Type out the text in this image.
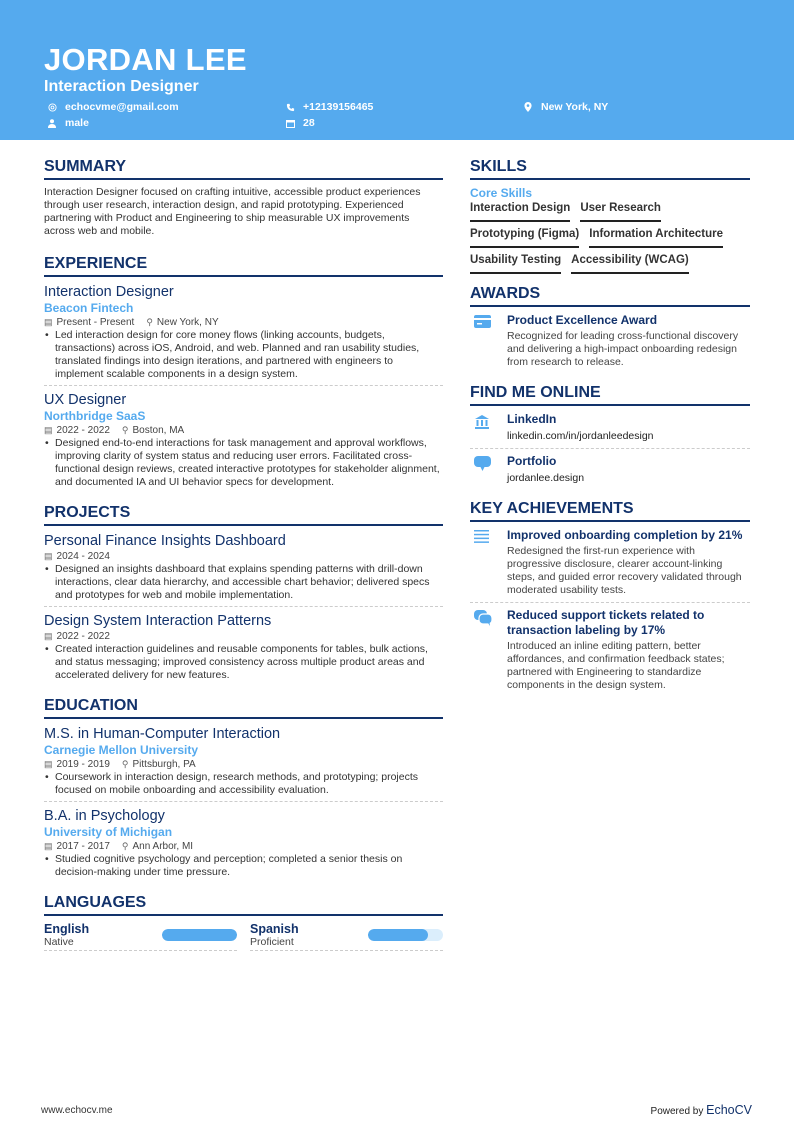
JORDAN LEE
Interaction Designer
echocvme@gmail.com	+12139156465	New York, NY
male	28
SUMMARY
Interaction Designer focused on crafting intuitive, accessible product experiences through user research, interaction design, and rapid prototyping. Experienced partnering with Product and Engineering to ship measurable UX improvements across web and mobile.
EXPERIENCE
Interaction Designer
Beacon Fintech
▤ Present - Present ⚲ New York, NY
• Led interaction design for core money flows (linking accounts, budgets, transactions) across iOS, Android, and web. Planned and ran usability studies, translated findings into design iterations, and partnered with engineers to implement scalable components in a design system.
UX Designer
Northbridge SaaS
▤ 2022 - 2022 ⚲ Boston, MA
• Designed end-to-end interactions for task management and approval workflows, improving clarity of system status and reducing user errors. Facilitated cross-functional design reviews, created interactive prototypes for stakeholder alignment, and documented IA and UI behavior specs for development.
PROJECTS
Personal Finance Insights Dashboard
▤ 2024 - 2024
• Designed an insights dashboard that explains spending patterns with drill-down interactions, clear data hierarchy, and accessible chart behavior; delivered specs and prototypes for web and mobile implementation.
Design System Interaction Patterns
▤ 2022 - 2022
• Created interaction guidelines and reusable components for tables, bulk actions, and status messaging; improved consistency across multiple product areas and accelerated delivery for new features.
EDUCATION
M.S. in Human-Computer Interaction
Carnegie Mellon University
▤ 2019 - 2019 ⚲ Pittsburgh, PA
• Coursework in interaction design, research methods, and prototyping; projects focused on mobile onboarding and accessibility evaluation.
B.A. in Psychology
University of Michigan
▤ 2017 - 2017 ⚲ Ann Arbor, MI
• Studied cognitive psychology and perception; completed a senior thesis on decision-making under time pressure.
LANGUAGES
English
Native
Spanish
Proficient
SKILLS
Core Skills
Interaction Design User Research
Prototyping (Figma) Information Architecture
Usability Testing Accessibility (WCAG)
AWARDS
Product Excellence Award
Recognized for leading cross-functional discovery and delivering a high-impact onboarding redesign from research to release.
FIND ME ONLINE
LinkedIn
linkedin.com/in/jordanleedesign
Portfolio
jordanlee.design
KEY ACHIEVEMENTS
Improved onboarding completion by 21%
Redesigned the first-run experience with progressive disclosure, clearer account-linking steps, and guided error recovery validated through moderated usability tests.
Reduced support tickets related to transaction labeling by 17%
Introduced an inline editing pattern, better affordances, and confirmation feedback states; partnered with Engineering to standardize components in the design system.
www.echocv.me	Powered by EchoCV
